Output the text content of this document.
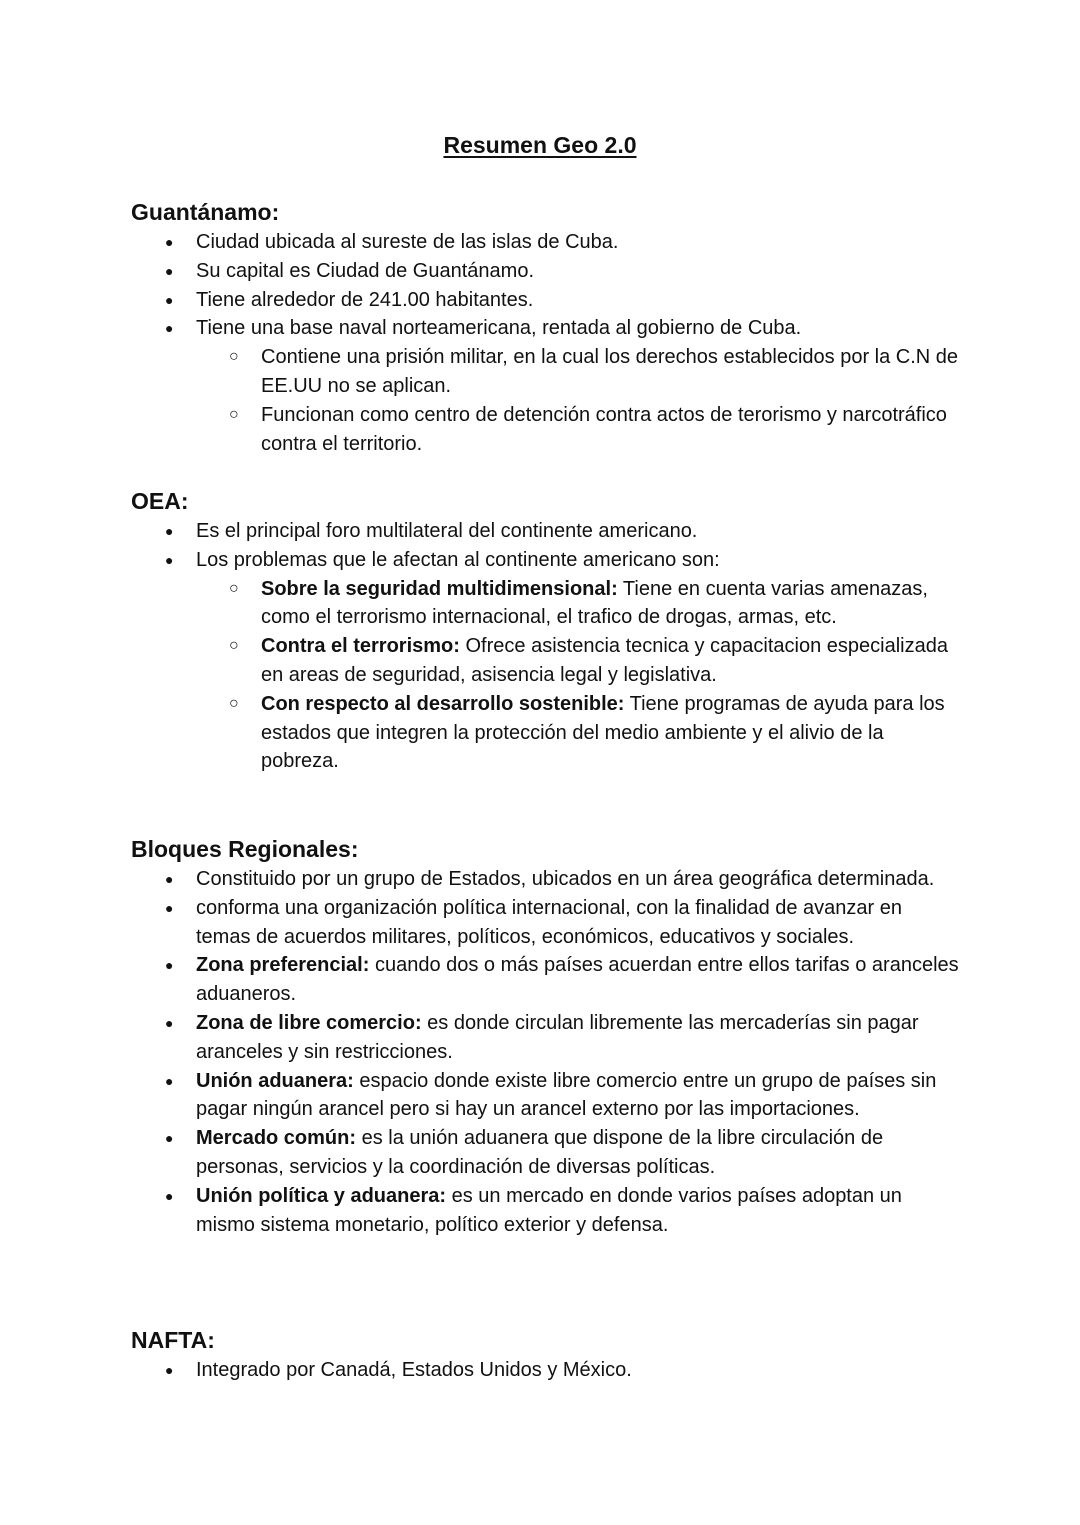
Resumen Geo 2.0
Guantánamo:
● Ciudad ubicada al sureste de las islas de Cuba.
● Su capital es Ciudad de Guantánamo.
● Tiene alrededor de 241.00 habitantes.
● Tiene una base naval norteamericana, rentada al gobierno de Cuba.
○ Contiene una prisión militar, en la cual los derechos establecidos por la C.N de EE.UU no se aplican.
○ Funcionan como centro de detención contra actos de terorismo y narcotráfico contra el territorio.
OEA:
● Es el principal foro multilateral del continente americano.
● Los problemas que le afectan al continente americano son:
○ Sobre la seguridad multidimensional: Tiene en cuenta varias amenazas, como el terrorismo internacional, el trafico de drogas, armas, etc.
○ Contra el terrorismo: Ofrece asistencia tecnica y capacitacion especializada en areas de seguridad, asisencia legal y legislativa.
○ Con respecto al desarrollo sostenible: Tiene programas de ayuda para los estados que integren la protección del medio ambiente y el alivio de la pobreza.
Bloques Regionales:
● Constituido por un grupo de Estados, ubicados en un área geográfica determinada.
● conforma una organización política internacional, con la finalidad de avanzar en temas de acuerdos militares, políticos, económicos, educativos y sociales.
● Zona preferencial: cuando dos o más países acuerdan entre ellos tarifas o aranceles aduaneros.
● Zona de libre comercio: es donde circulan libremente las mercaderías sin pagar aranceles y sin restricciones.
● Unión aduanera: espacio donde existe libre comercio entre un grupo de países sin pagar ningún arancel pero si hay un arancel externo por las importaciones.
● Mercado común: es la unión aduanera que dispone de la libre circulación de personas, servicios y la coordinación de diversas políticas.
● Unión política y aduanera: es un mercado en donde varios países adoptan un mismo sistema monetario, político exterior y defensa.
NAFTA:
● Integrado por Canadá, Estados Unidos y México.
